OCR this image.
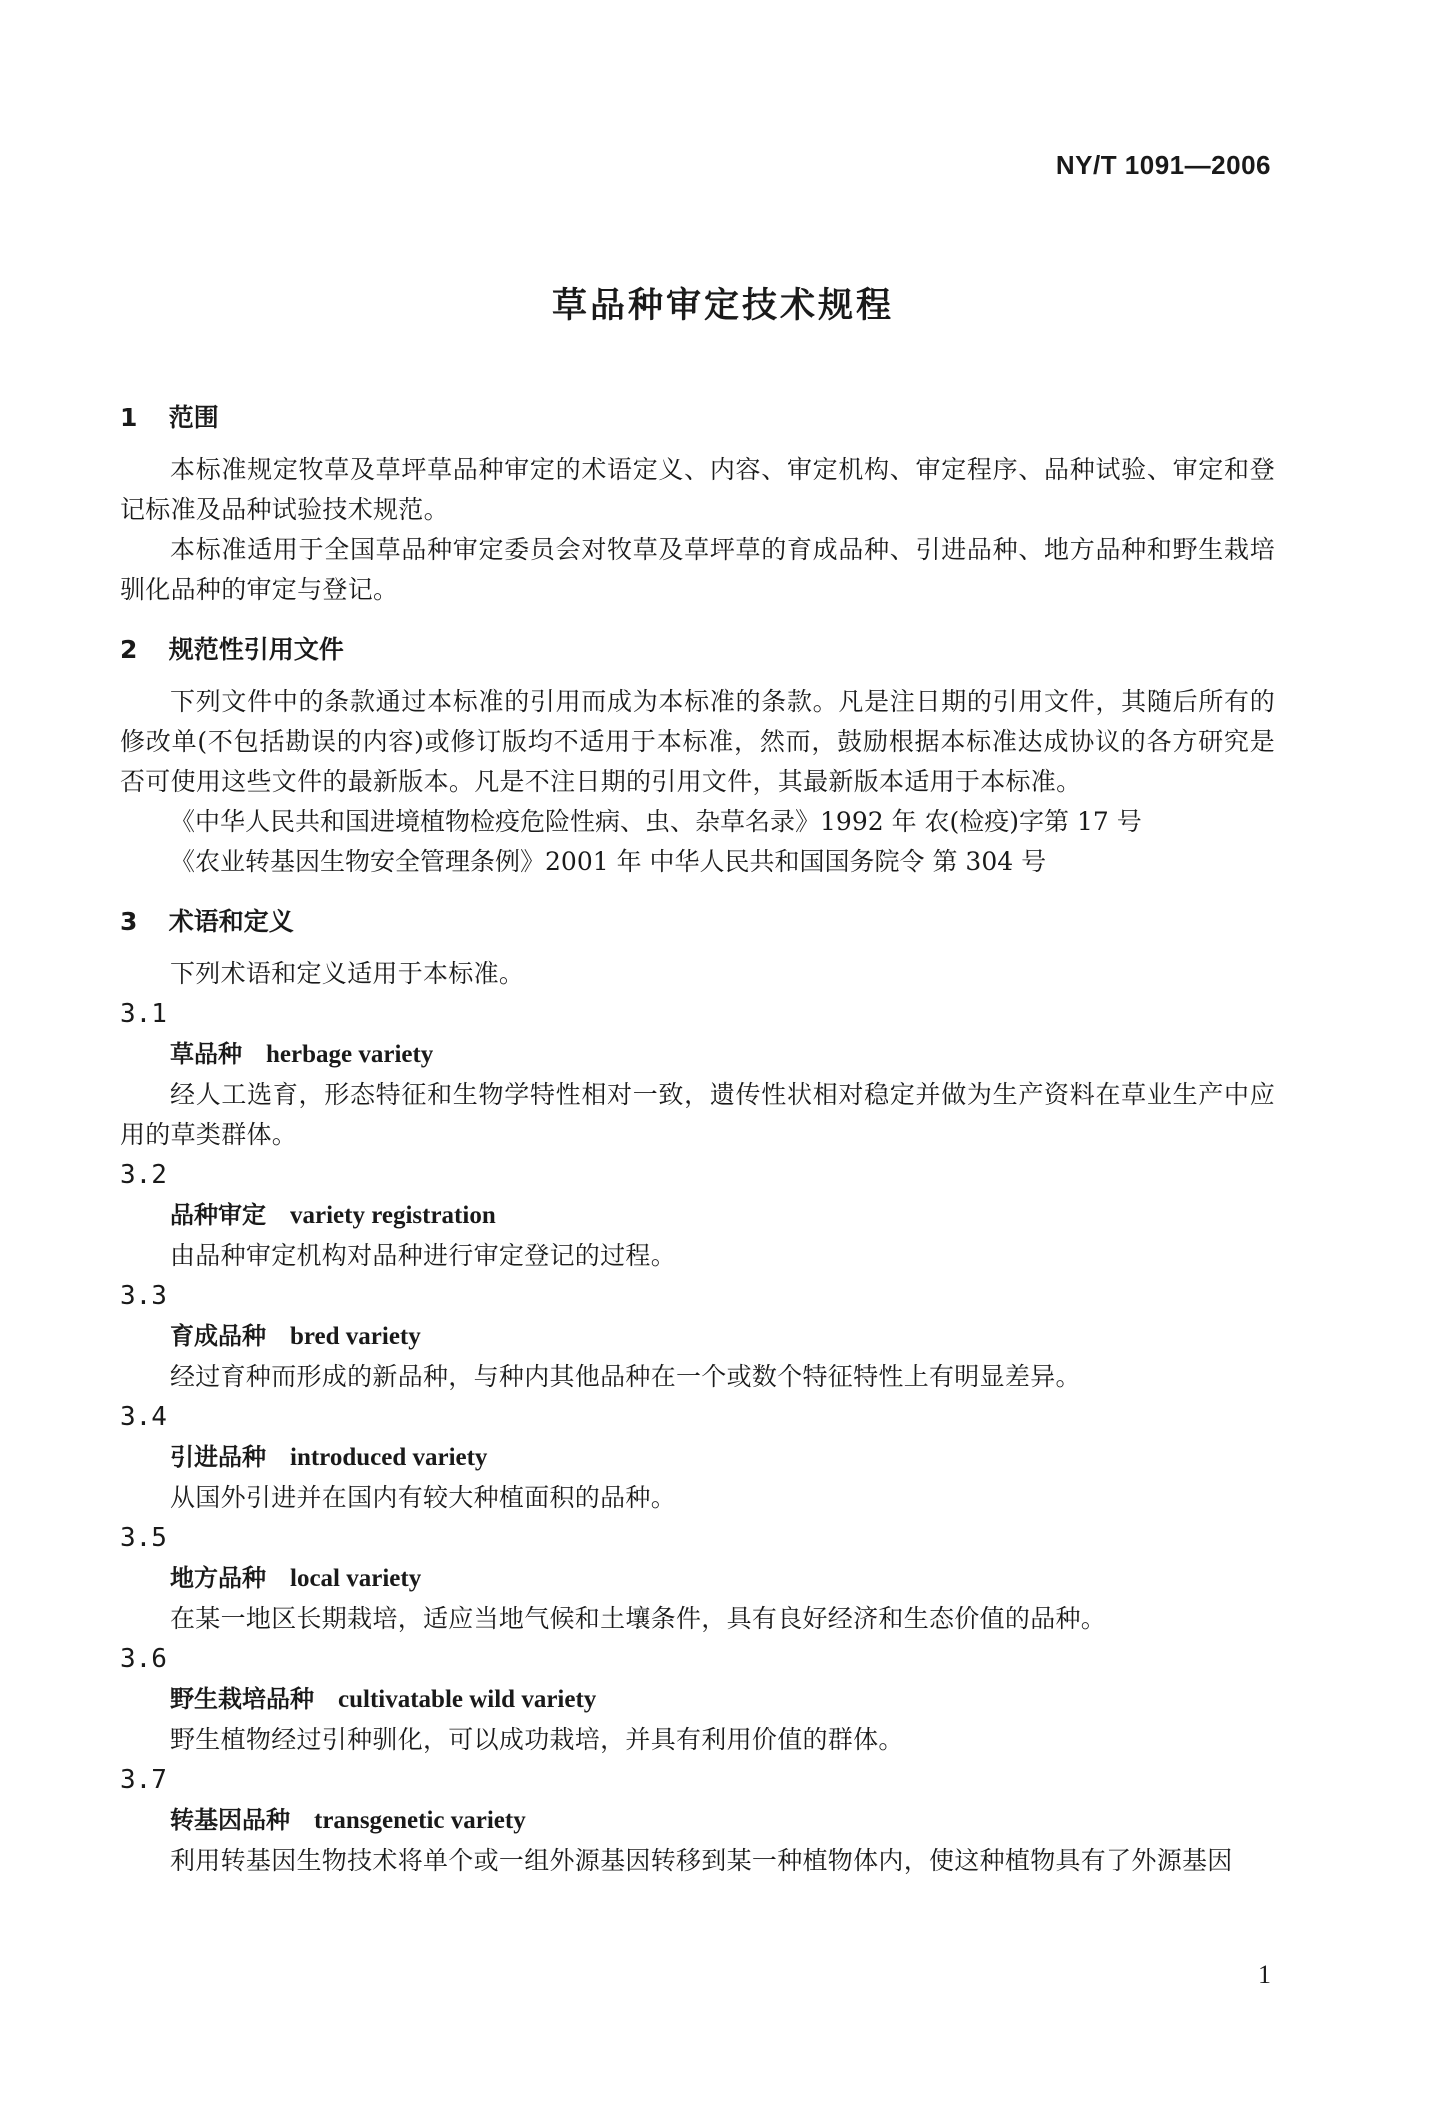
NY/T 1091—2006
草品种审定技术规程
1 范围

本标准规定牧草及草坪草品种审定的术语定义、内容、审定机构、审定程序、品种试验、审定和登记标准及品种试验技术规范。

本标准适用于全国草品种审定委员会对牧草及草坪草的育成品种、引进品种、地方品种和野生栽培驯化品种的审定与登记。

2 规范性引用文件

下列文件中的条款通过本标准的引用而成为本标准的条款。凡是注日期的引用文件，其随后所有的修改单(不包括勘误的内容)或修订版均不适用于本标准，然而，鼓励根据本标准达成协议的各方研究是否可使用这些文件的最新版本。凡是不注日期的引用文件，其最新版本适用于本标准。

《中华人民共和国进境植物检疫危险性病、虫、杂草名录》1992 年 农(检疫)字第 17 号

《农业转基因生物安全管理条例》2001 年 中华人民共和国国务院令 第 304 号

3 术语和定义

下列术语和定义适用于本标准。

3.1

草品种 herbage variety

经人工选育，形态特征和生物学特性相对一致，遗传性状相对稳定并做为生产资料在草业生产中应用的草类群体。

3.2

品种审定 variety registration

由品种审定机构对品种进行审定登记的过程。

3.3

育成品种 bred variety

经过育种而形成的新品种，与种内其他品种在一个或数个特征特性上有明显差异。

3.4

引进品种 introduced variety

从国外引进并在国内有较大种植面积的品种。

3.5

地方品种 local variety

在某一地区长期栽培，适应当地气候和土壤条件，具有良好经济和生态价值的品种。

3.6

野生栽培品种 cultivatable wild variety

野生植物经过引种驯化，可以成功栽培，并具有利用价值的群体。

3.7

转基因品种 transgenetic variety

利用转基因生物技术将单个或一组外源基因转移到某一种植物体内，使这种植物具有了外源基因

1
